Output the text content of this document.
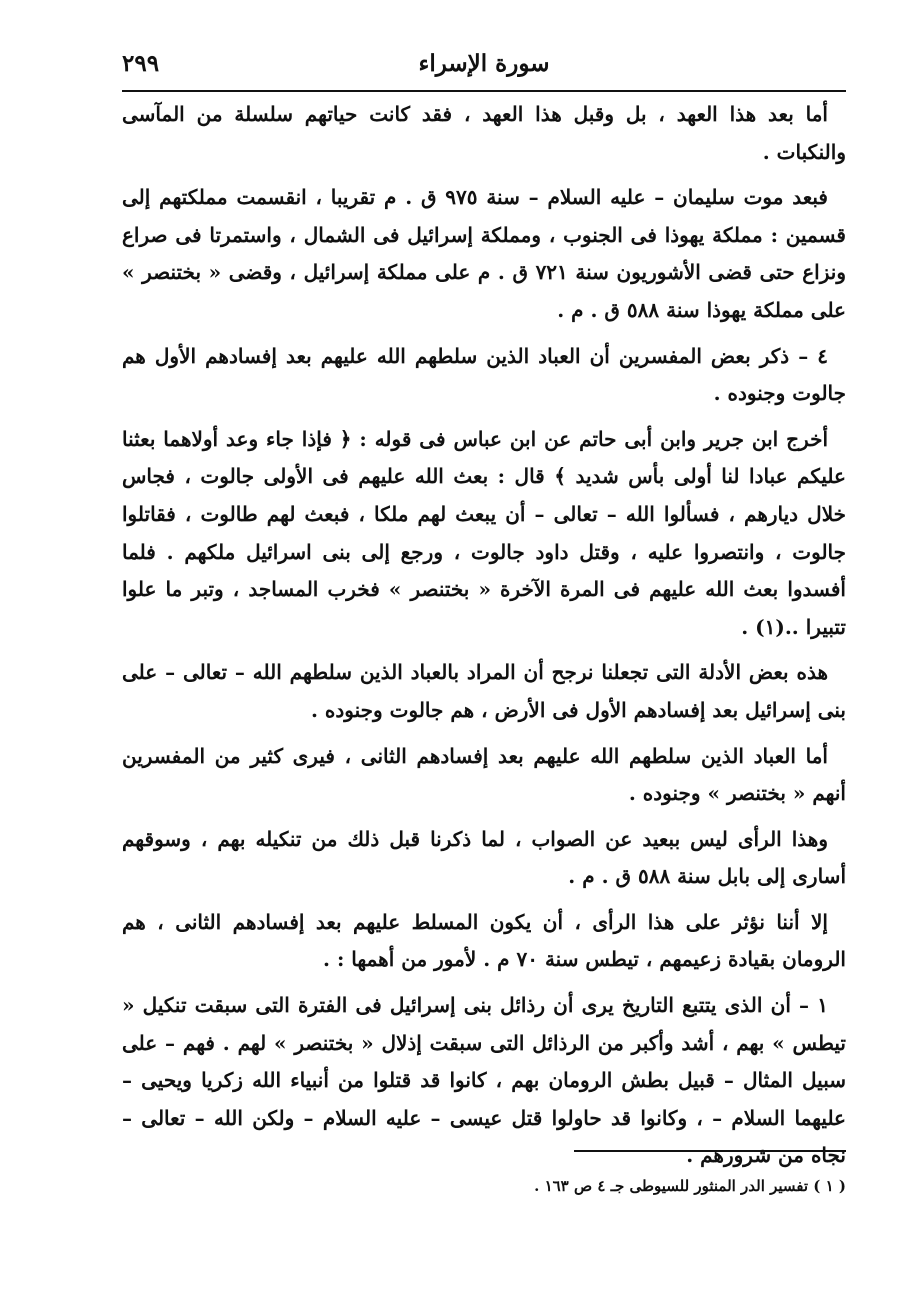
سورة الإسراء
٢٩٩

أما بعد هذا العهد ، بل وقبل هذا العهد ، فقد كانت حياتهم سلسلة من المآسى والنكبات .

فبعد موت سليمان – عليه السلام – سنة ٩٧٥ ق . م تقريبا ، انقسمت مملكتهم إلى قسمين : مملكة يهوذا فى الجنوب ، ومملكة إسرائيل فى الشمال ، واستمرتا فى صراع ونزاع حتى قضى الأشوريون سنة ٧٢١ ق . م على مملكة إسرائيل ، وقضى « بختنصر » على مملكة يهوذا سنة ٥٨٨ ق . م .

٤ – ذكر بعض المفسرين أن العباد الذين سلطهم الله عليهم بعد إفسادهم الأول هم جالوت وجنوده .

أخرج ابن جرير وابن أبى حاتم عن ابن عباس فى قوله : ﴿ فإذا جاء وعد أولاهما بعثنا عليكم عبادا لنا أولى بأس شديد ﴾ قال : بعث الله عليهم فى الأولى جالوت ، فجاس خلال ديارهم ، فسألوا الله – تعالى – أن يبعث لهم ملكا ، فبعث لهم طالوت ، فقاتلوا جالوت ، وانتصروا عليه ، وقتل داود جالوت ، ورجع إلى بنى اسرائيل ملكهم . فلما أفسدوا بعث الله عليهم فى المرة الآخرة « بختنصر » فخرب المساجد ، وتبر ما علوا تتبيرا ..(١) .

هذه بعض الأدلة التى تجعلنا نرجح أن المراد بالعباد الذين سلطهم الله – تعالى – على بنى إسرائيل بعد إفسادهم الأول فى الأرض ، هم جالوت وجنوده .

أما العباد الذين سلطهم الله عليهم بعد إفسادهم الثانى ، فيرى كثير من المفسرين أنهم « بختنصر » وجنوده .

وهذا الرأى ليس ببعيد عن الصواب ، لما ذكرنا قبل ذلك من تنكيله بهم ، وسوقهم أسارى إلى بابل سنة ٥٨٨ ق . م .

إلا أننا نؤثر على هذا الرأى ، أن يكون المسلط عليهم بعد إفسادهم الثانى ، هم الرومان بقيادة زعيمهم ، تيطس سنة ٧٠ م . لأمور من أهمها : .

١ – أن الذى يتتبع التاريخ يرى أن رذائل بنى إسرائيل فى الفترة التى سبقت تنكيل « تيطس » بهم ، أشد وأكبر من الرذائل التى سبقت إذلال « بختنصر » لهم . فهم – على سبيل المثال – قبيل بطش الرومان بهم ، كانوا قد قتلوا من أنبياء الله زكريا ويحيى – عليهما السلام – ، وكانوا قد حاولوا قتل عيسى – عليه السلام – ولكن الله – تعالى – نجاه من شرورهم .

( ١ ) تفسير الدر المنثور للسيوطى جـ ٤ ص ١٦٣ .
